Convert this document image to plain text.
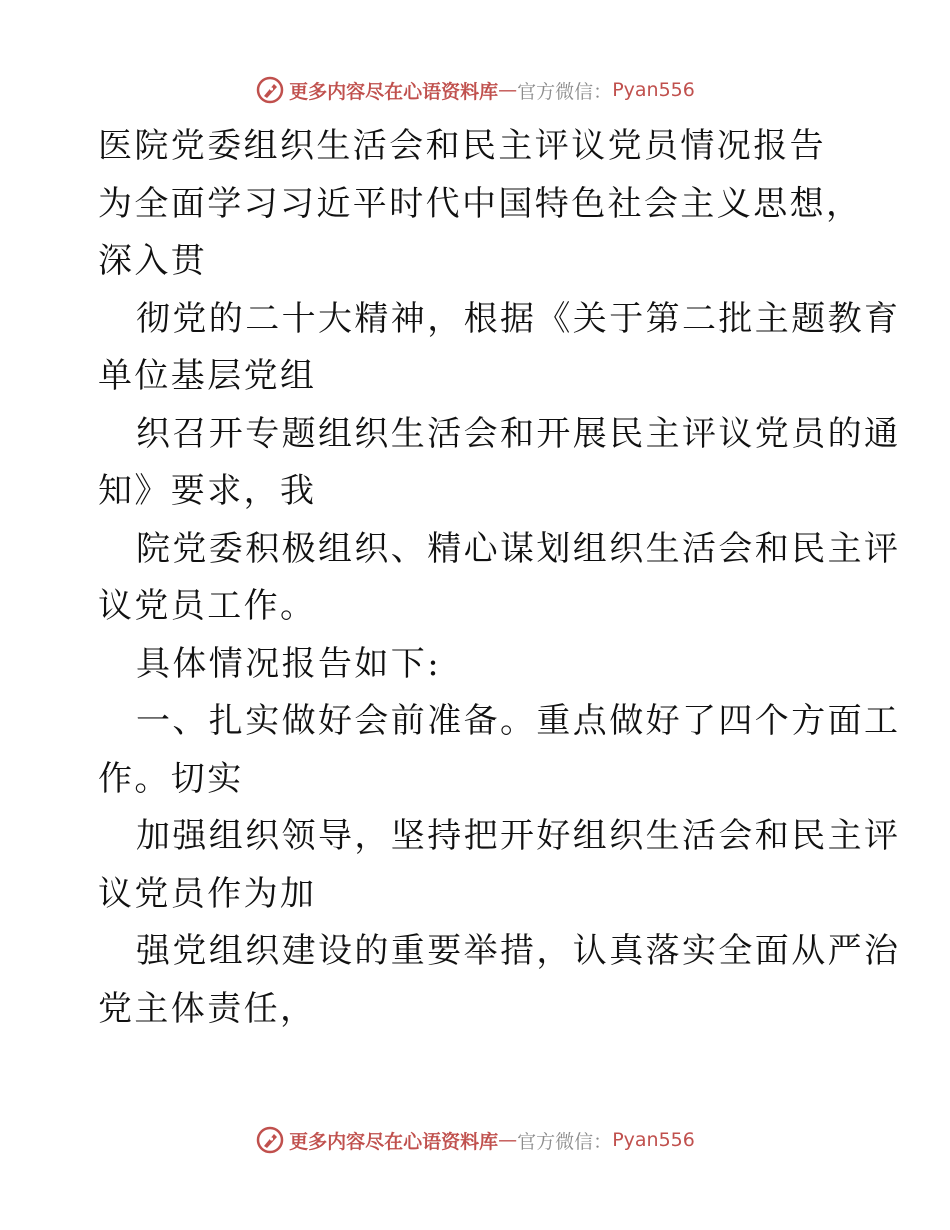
更多内容尽在心语资料库 — 官方微信： Pyan556
医院党委组织生活会和民主评议党员情况报告
为全面学习习近平时代中国特色社会主义思想，
深入贯
彻党的二十大精神，根据《关于第二批主题教育
单位基层党组
织召开专题组织生活会和开展民主评议党员的通
知》要求，我
院党委积极组织、精心谋划组织生活会和民主评
议党员工作。
具体情况报告如下:
一、扎实做好会前准备。重点做好了四个方面工
作。切实
加强组织领导，坚持把开好组织生活会和民主评
议党员作为加
强党组织建设的重要举措，认真落实全面从严治
党主体责任，
更多内容尽在心语资料库 — 官方微信： Pyan556
